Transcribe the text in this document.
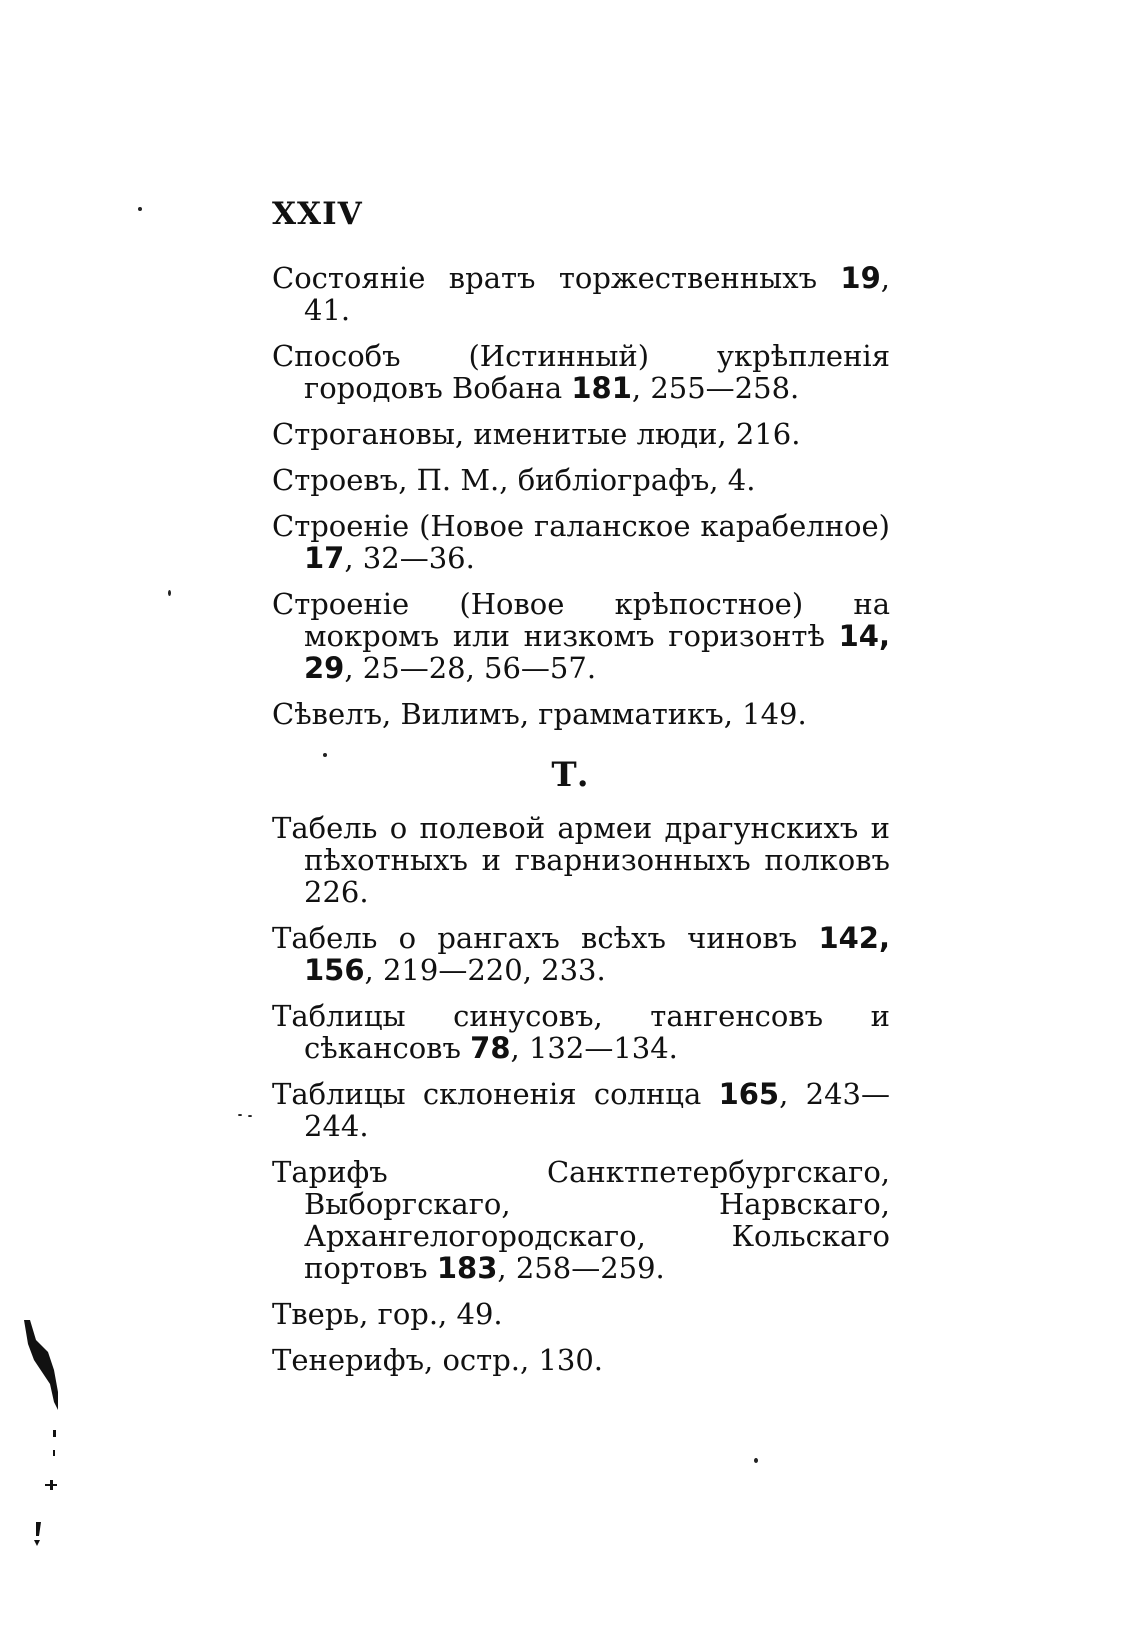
XXIV

Состояніе вратъ торжественныхъ 19, 41.

Способъ (Истинный) укрѣпленія городовъ Вобана 181, 255—258.

Строгановы, именитые люди, 216.

Строевъ, П. М., библіографъ, 4.

Строеніе (Новое галанское карабелное) 17, 32—36.

Строеніе (Новое крѣпостное) на мокромъ или низкомъ горизонтѣ 14, 29, 25—28, 56—57.

Сѣвелъ, Вилимъ, грамматикъ, 149.

Т.

Табель о полевой армеи драгунскихъ и пѣхотныхъ и гварнизонныхъ полковъ 226.

Табель о рангахъ всѣхъ чиновъ 142, 156, 219—220, 233.

Таблицы синусовъ, тангенсовъ и сѣкансовъ 78, 132—134.

Таблицы склоненія солнца 165, 243—244.

Тарифъ Санктпетербургскаго, Выборгскаго, Нарвскаго, Архангелогородскаго, Кольскаго портовъ 183, 258—259.

Тверь, гор., 49.

Тенерифъ, остр., 130.
